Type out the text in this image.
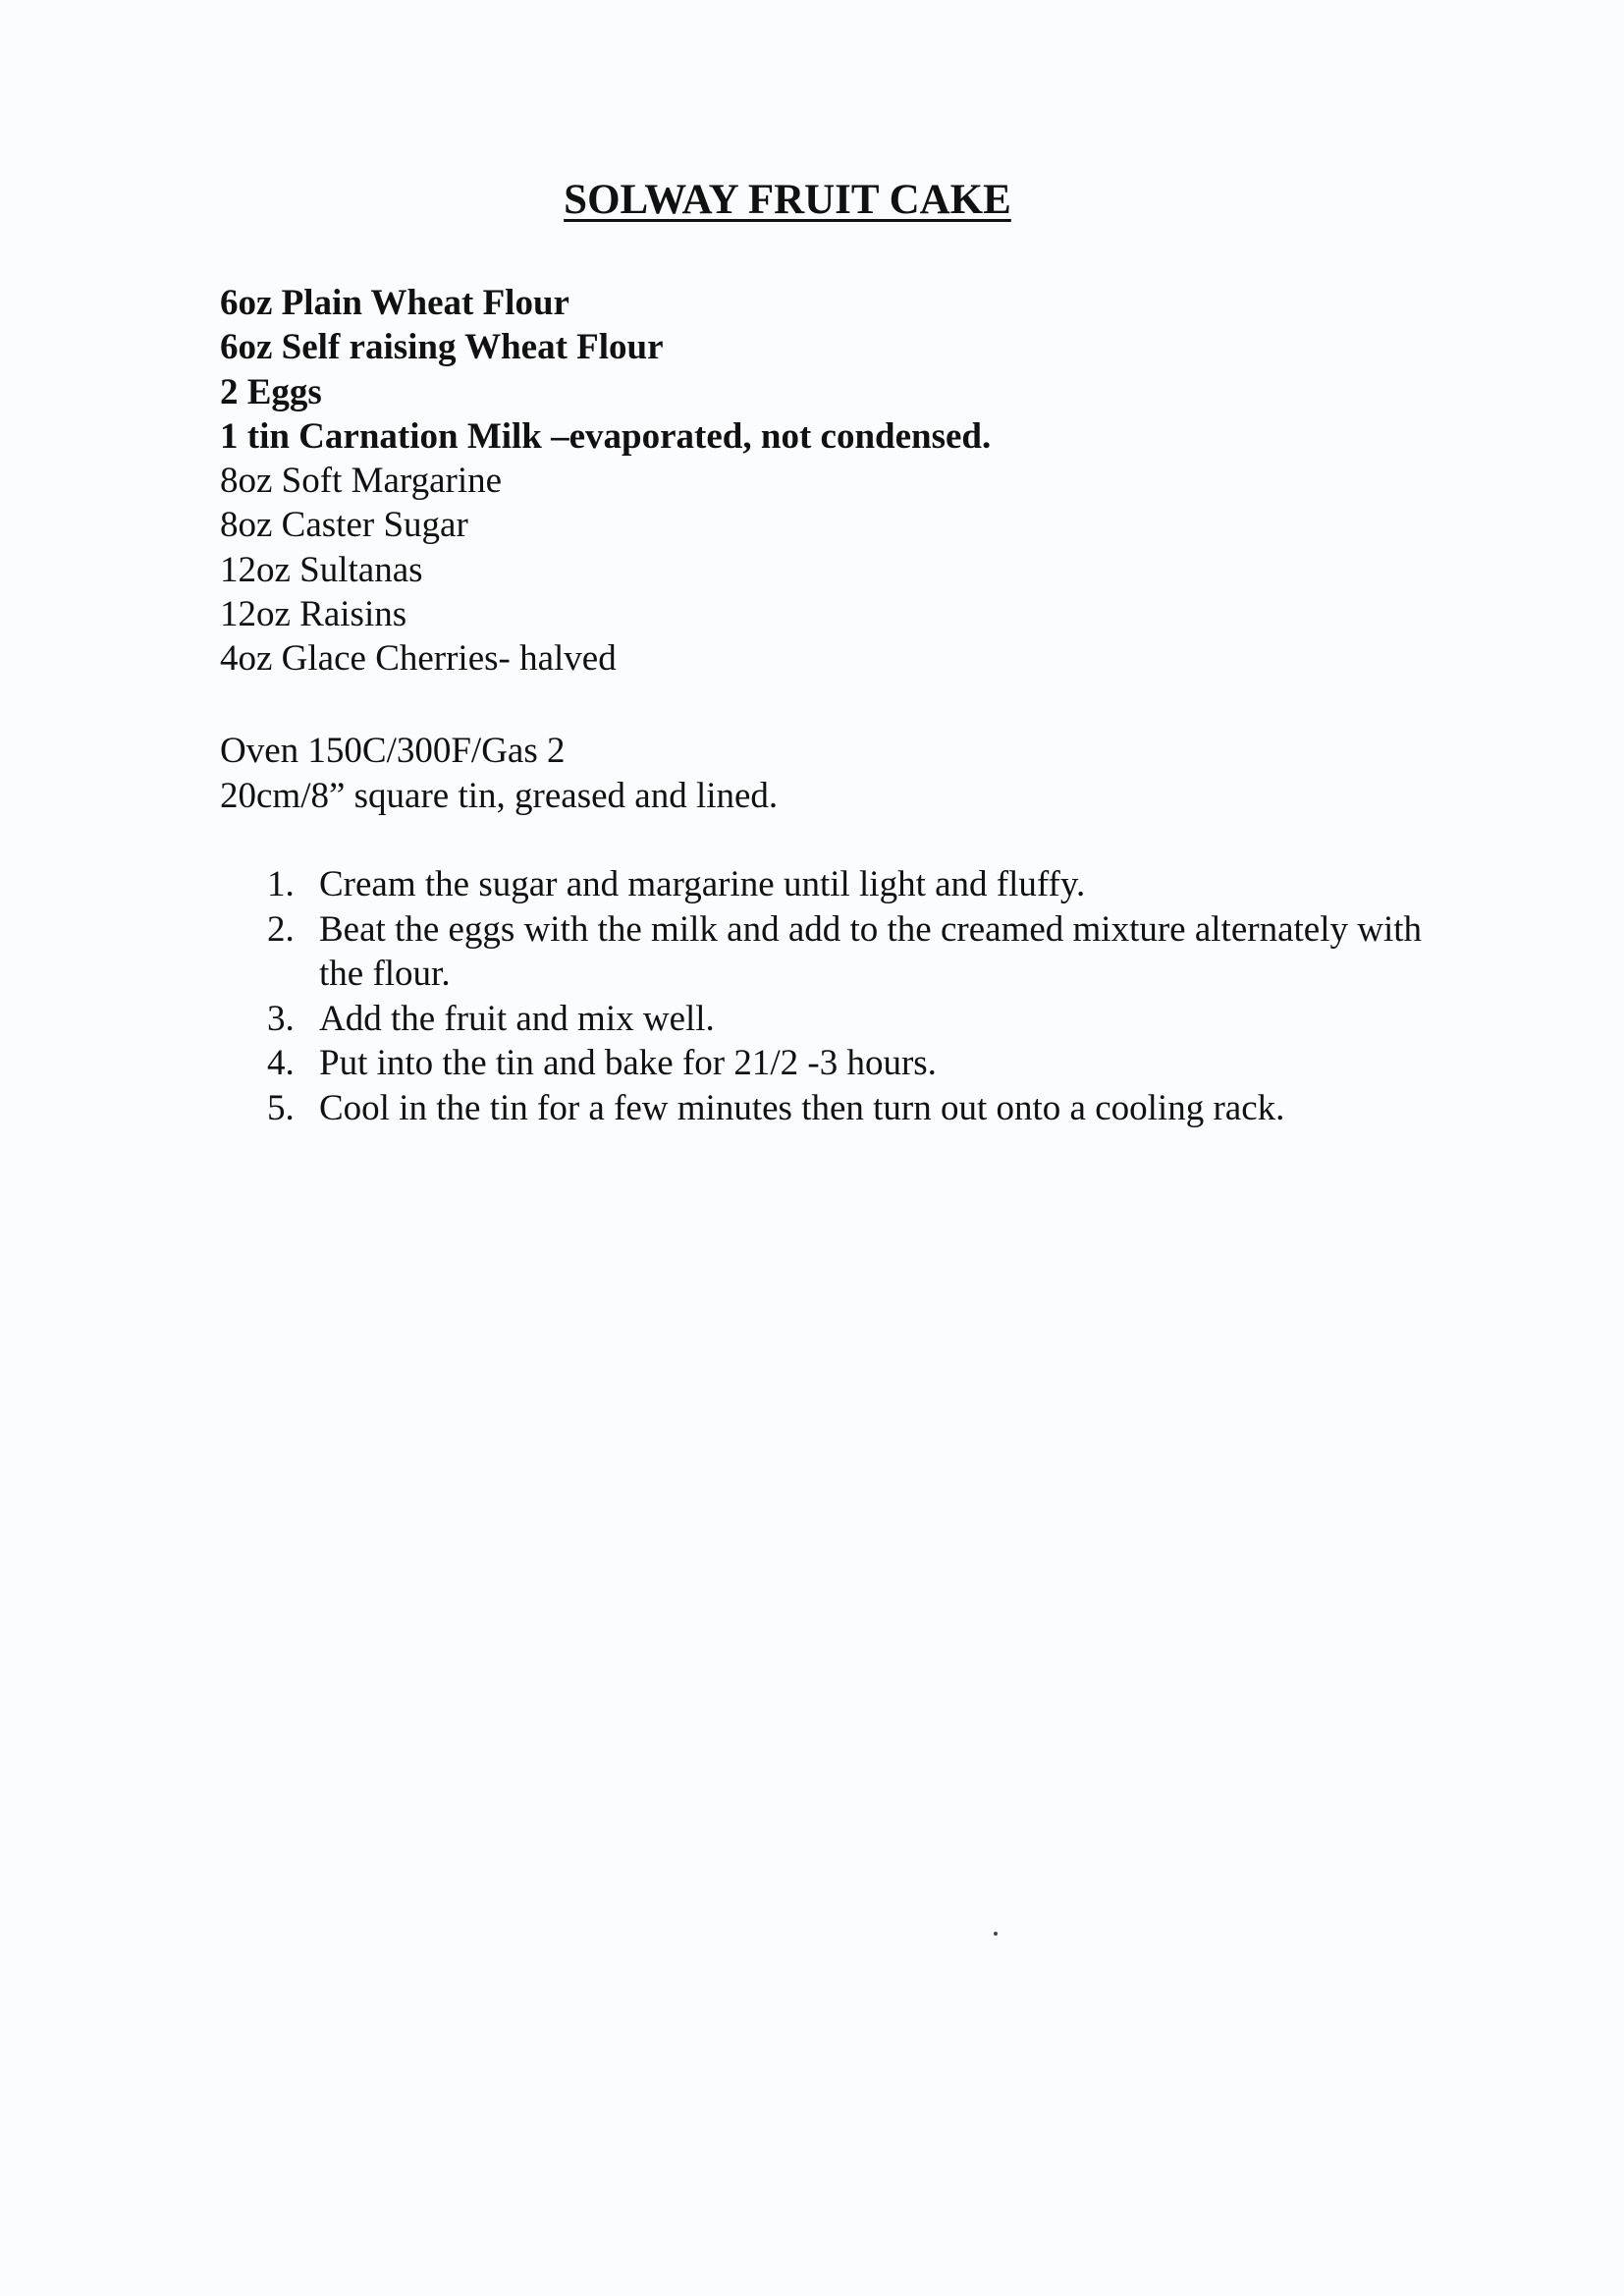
SOLWAY FRUIT CAKE
6oz Plain Wheat Flour
6oz Self raising Wheat Flour
2 Eggs
1 tin Carnation Milk –evaporated, not condensed.
8oz Soft Margarine
8oz Caster Sugar
12oz Sultanas
12oz Raisins
4oz Glace Cherries- halved
Oven 150C/300F/Gas 2
20cm/8” square tin, greased and lined.
1. Cream the sugar and margarine until light and fluffy.
2. Beat the eggs with the milk and add to the creamed mixture alternately with the flour.
3. Add the fruit and mix well.
4. Put into the tin and bake for 21/2 -3 hours.
5. Cool in the tin for a few minutes then turn out onto a cooling rack.
